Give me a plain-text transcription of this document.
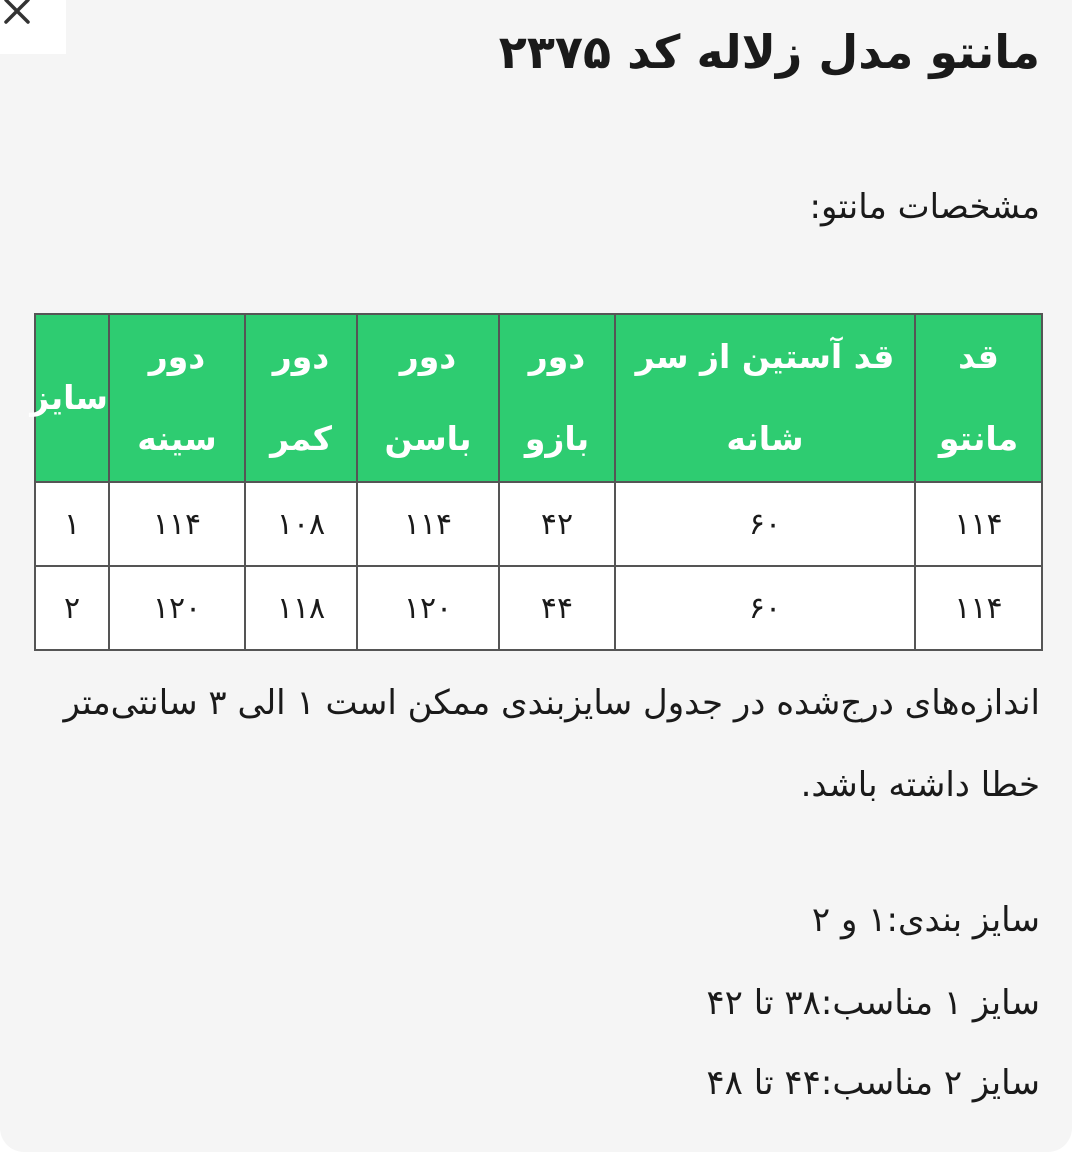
مانتو مدل زلاله کد ۲۳۷۵
مشخصات مانتو:
قد مانتو	قد آستین از سر شانه	دور بازو	دور باسن	دور کمر	دور سینه	سایز
۱۱۴	۶۰	۴۲	۱۱۴	۱۰۸	۱۱۴	۱
۱۱۴	۶۰	۴۴	۱۲۰	۱۱۸	۱۲۰	۲

اندازه‌های درج‌شده در جدول سایزبندی ممکن است ۱ الی ۳ سانتی‌متر خطا داشته باشد.

سایز بندی:۱ و ۲
سایز ۱ مناسب:۳۸ تا ۴۲
سایز ۲ مناسب:۴۴ تا ۴۸
